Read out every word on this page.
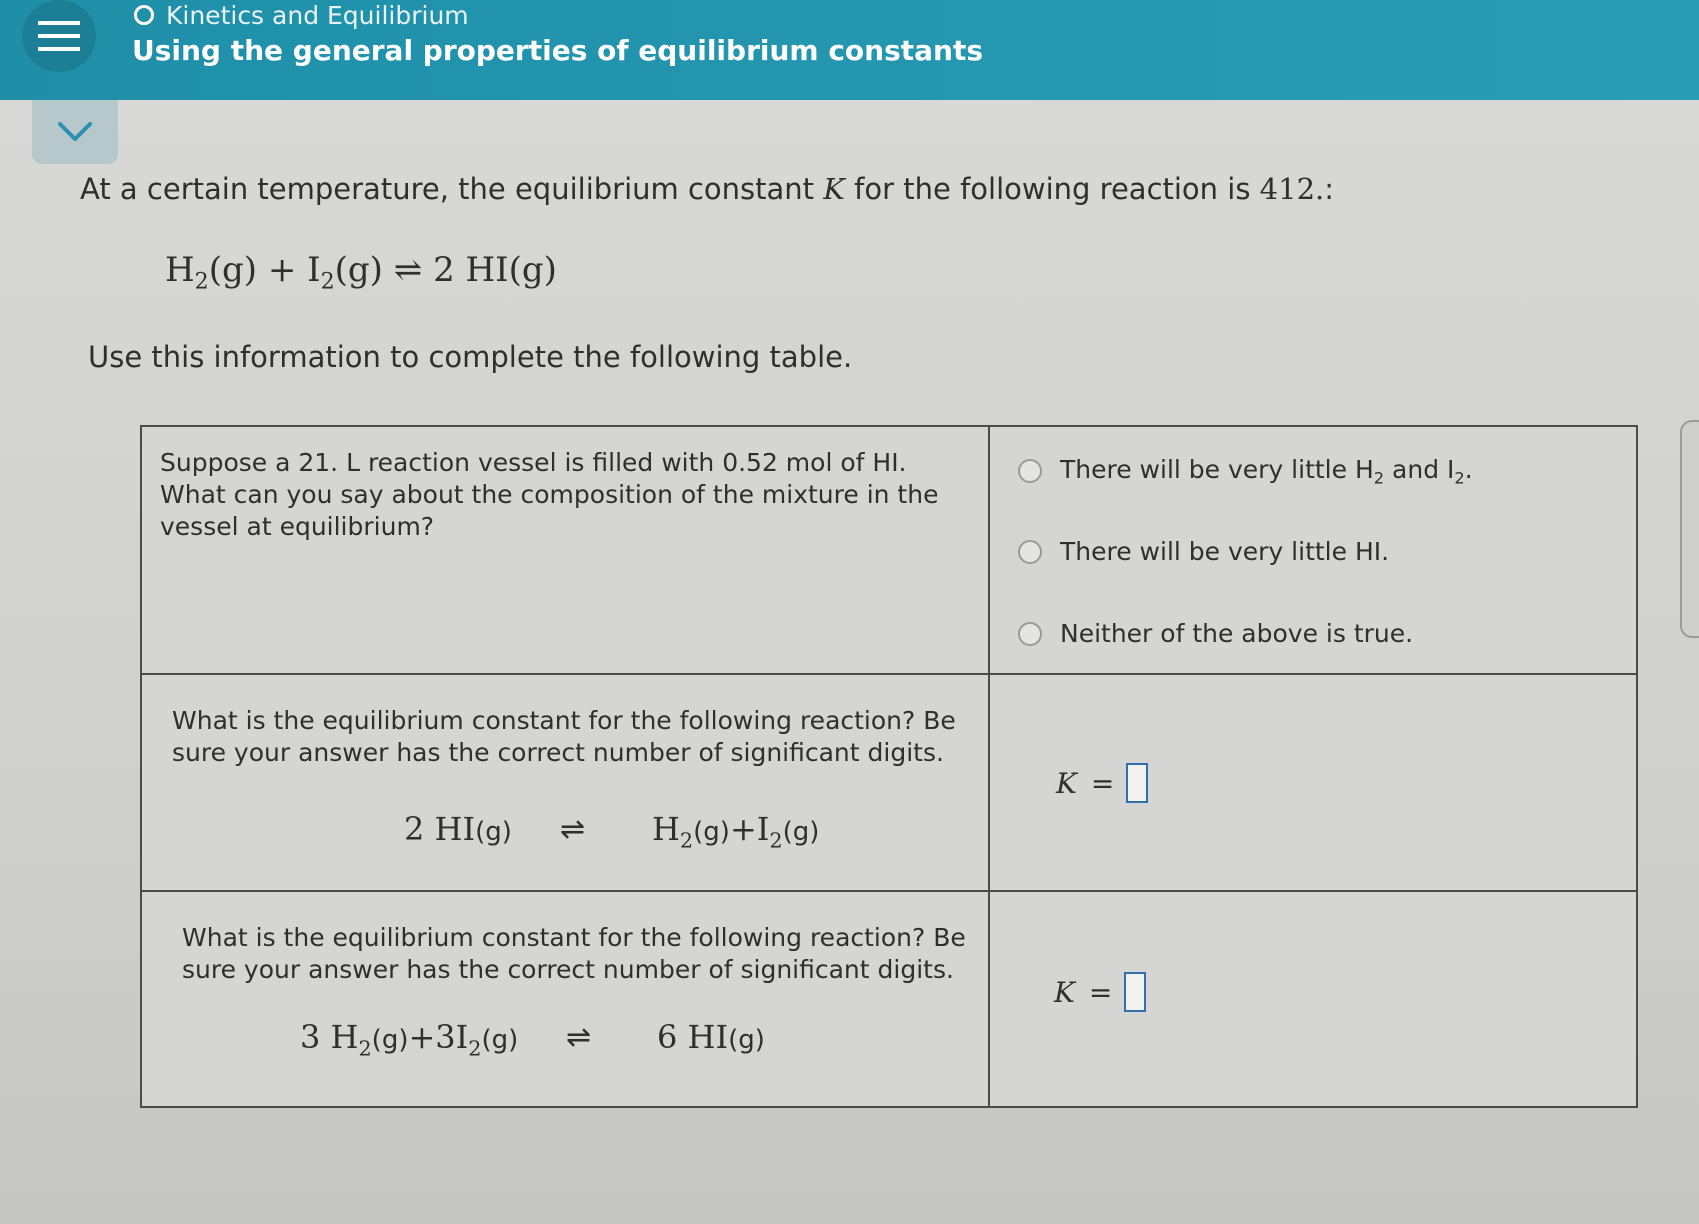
Kinetics and Equilibrium
Using the general properties of equilibrium constants
At a certain temperature, the equilibrium constant K for the following reaction is 412.:
$H_2(g) + I_2(g)$ ⇌ 2 HI(g)
Use this information to complete the following table.
Suppose a 21. L reaction vessel is filled with 0.52 mol of HI. What can you say about the composition of the mixture in the vessel at equilibrium?
There will be very little $H_2$ and $I_2$.
There will be very little HI.
Neither of the above is true.
What is the equilibrium constant for the following reaction? Be sure your answer has the correct number of significant digits.
2 HI(g) ⇌ $H_2(g)+I_2(g)$
K =
What is the equilibrium constant for the following reaction? Be sure your answer has the correct number of significant digits.
3 $H_2(g)+3I_2(g)$ ⇌ 6 HI(g)
K =
